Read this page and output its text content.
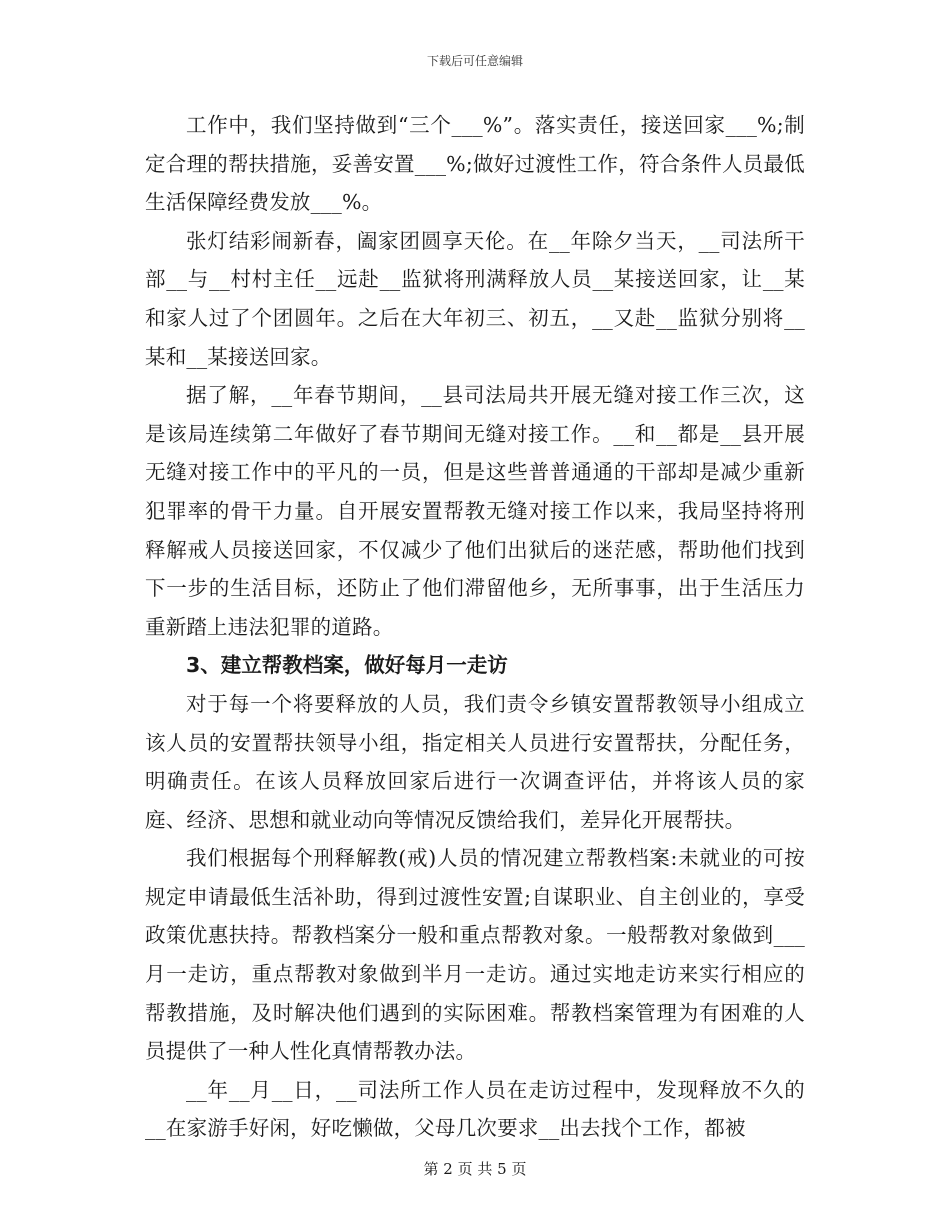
下载后可任意编辑

工作中，我们坚持做到“三个___%”。落实责任，接送回家___%;制定合理的帮扶措施，妥善安置___%;做好过渡性工作，符合条件人员最低生活保障经费发放___%。

张灯结彩闹新春，阖家团圆享天伦。在__年除夕当天，__司法所干部__与__村村主任__远赴__监狱将刑满释放人员__某接送回家，让__某和家人过了个团圆年。之后在大年初三、初五，__又赴__监狱分别将__某和__某接送回家。

据了解，__年春节期间，__县司法局共开展无缝对接工作三次，这是该局连续第二年做好了春节期间无缝对接工作。__和__都是__县开展无缝对接工作中的平凡的一员，但是这些普普通通的干部却是减少重新犯罪率的骨干力量。自开展安置帮教无缝对接工作以来，我局坚持将刑释解戒人员接送回家，不仅减少了他们出狱后的迷茫感，帮助他们找到下一步的生活目标，还防止了他们滞留他乡，无所事事，出于生活压力重新踏上违法犯罪的道路。

3、建立帮教档案，做好每月一走访

对于每一个将要释放的人员，我们责令乡镇安置帮教领导小组成立该人员的安置帮扶领导小组，指定相关人员进行安置帮扶，分配任务，明确责任。在该人员释放回家后进行一次调查评估，并将该人员的家庭、经济、思想和就业动向等情况反馈给我们，差异化开展帮扶。

我们根据每个刑释解教(戒)人员的情况建立帮教档案:未就业的可按规定申请最低生活补助，得到过渡性安置;自谋职业、自主创业的，享受政策优惠扶持。帮教档案分一般和重点帮教对象。一般帮教对象做到___月一走访，重点帮教对象做到半月一走访。通过实地走访来实行相应的帮教措施，及时解决他们遇到的实际困难。帮教档案管理为有困难的人员提供了一种人性化真情帮教办法。

__年__月__日，__司法所工作人员在走访过程中，发现释放不久的__在家游手好闲，好吃懒做，父母几次要求__出去找个工作，都被

第 2 页 共 5 页
